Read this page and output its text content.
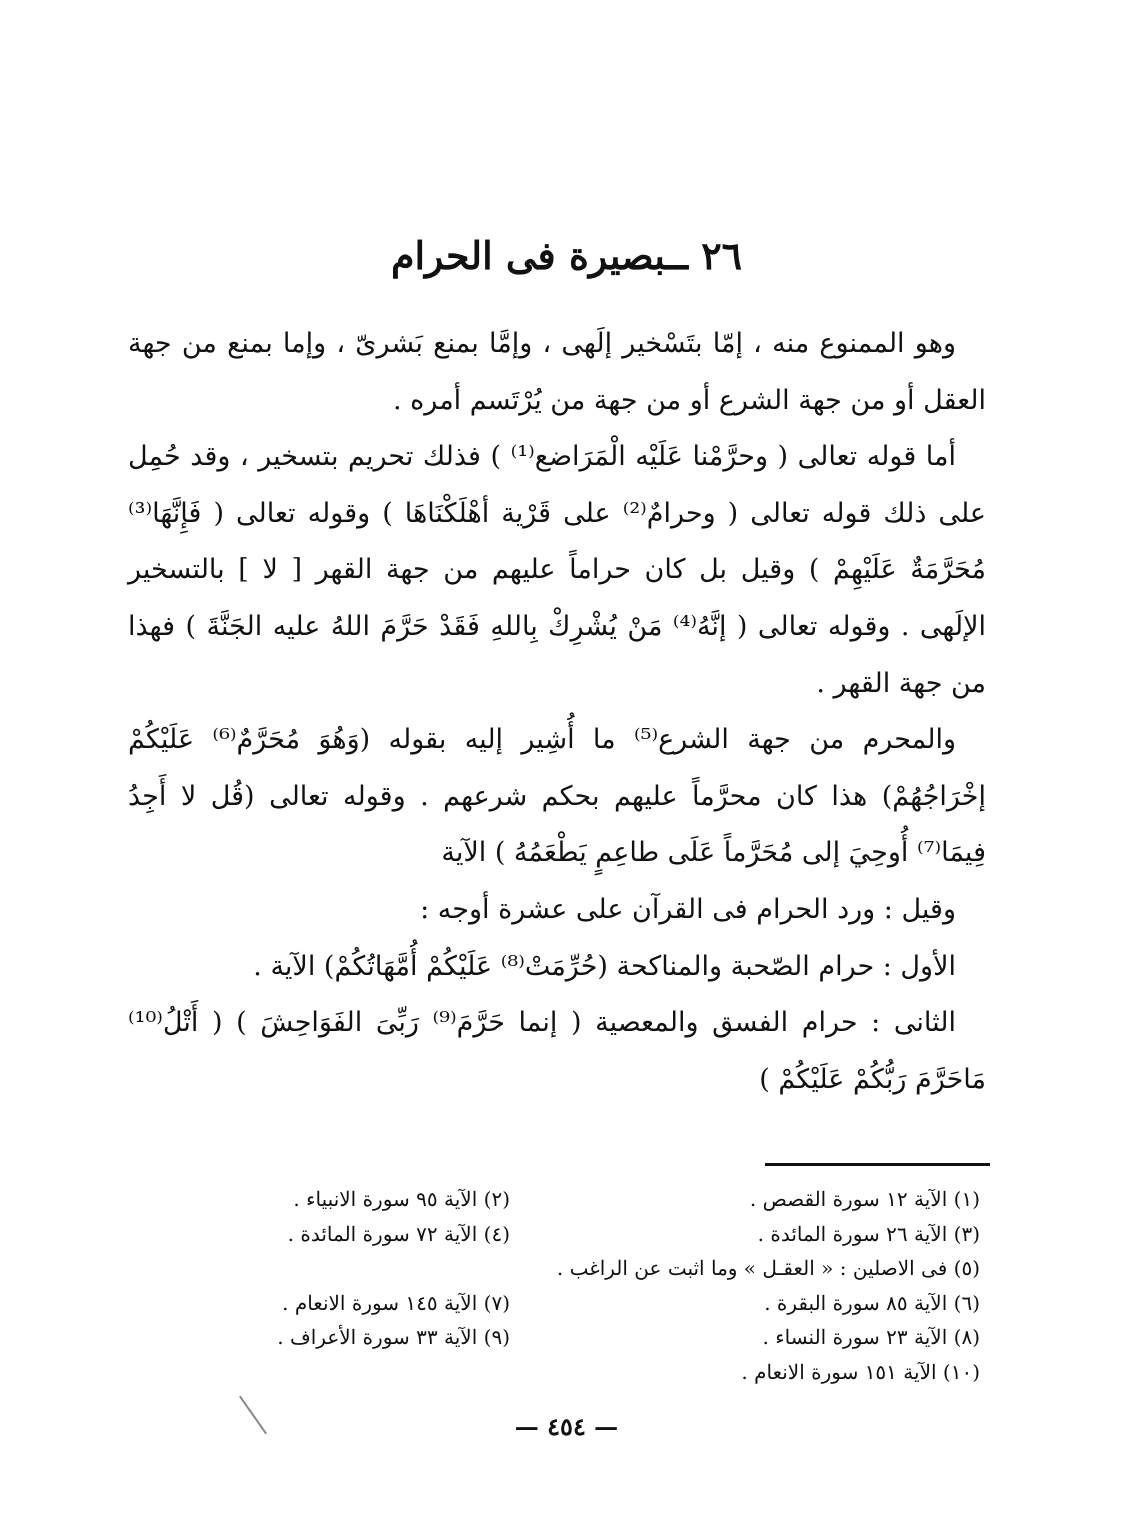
٢٦ ــبصيرة فى الحرام

وهو الممنوع منه ، إمّا بتَسْخير إلَهى ، وإمَّا بمنع بَشرىّ ، وإما بمنع من جهة العقل أو من جهة الشرع أو من جهة من يُرْتَسم أمره .

أما قوله تعالى ( وحرَّمْنا عَلَيْه الْمَرَاضع⁽¹⁾ ) فذلك تحريم بتسخير ، وقد حُمِل على ذلك قوله تعالى ( وحرامٌ⁽²⁾ على قَرْية أهْلَكْنَاهَا ) وقوله تعالى ( فَإِنَّهَا⁽³⁾ مُحَرَّمَةٌ عَلَيْهِمْ ) وقيل بل كان حراماً عليهم من جهة القهر [ لا ] بالتسخير الإلَهى . وقوله تعالى ( إنَّهُ⁽⁴⁾ مَنْ يُشْرِكْ بِاللهِ فَقَدْ حَرَّمَ اللهُ عليه الجَنَّةَ ) فهذا من جهة القهر .

والمحرم من جهة الشرع⁽⁵⁾ ما أُشِير إليه بقوله (وَهُوَ مُحَرَّمٌ⁽⁶⁾ عَلَيْكُمْ إخْرَاجُهُمْ) هذا كان محرَّماً عليهم بحكم شرعهم . وقوله تعالى (قُل لا أَجِدُ فِيمَا⁽⁷⁾ أُوحِيَ إلى مُحَرَّماً عَلَى طاعِمٍ يَطْعَمُهُ ) الآية

وقيل : ورد الحرام فى القرآن على عشرة أوجه :

الأول : حرام الصّحبة والمناكحة (حُرِّمَتْ⁽⁸⁾ عَلَيْكُمْ أُمَّهَاتُكُمْ) الآية .

الثانى : حرام الفسق والمعصية ( إنما حَرَّمَ⁽⁹⁾ رَبِّىَ الفَوَاحِشَ ) ( أَتْلُ⁽¹⁰⁾ مَاحَرَّمَ رَبُّكُمْ عَلَيْكُمْ )

(١) الآية ١٢ سورة القصص .
(٢) الآية ٩٥ سورة الانبياء .
(٣) الآية ٢٦ سورة المائدة .
(٤) الآية ٧٢ سورة المائدة .
(٥) فى الاصلين : « العقـل » وما اثبت عن الراغب .
(٦) الآية ٨٥ سورة البقرة .
(٧) الآية ١٤٥ سورة الانعام .
(٨) الآية ٢٣ سورة النساء .
(٩) الآية ٣٣ سورة الأعراف .
(١٠) الآية ١٥١ سورة الانعام .
— ٤٥٤ —
